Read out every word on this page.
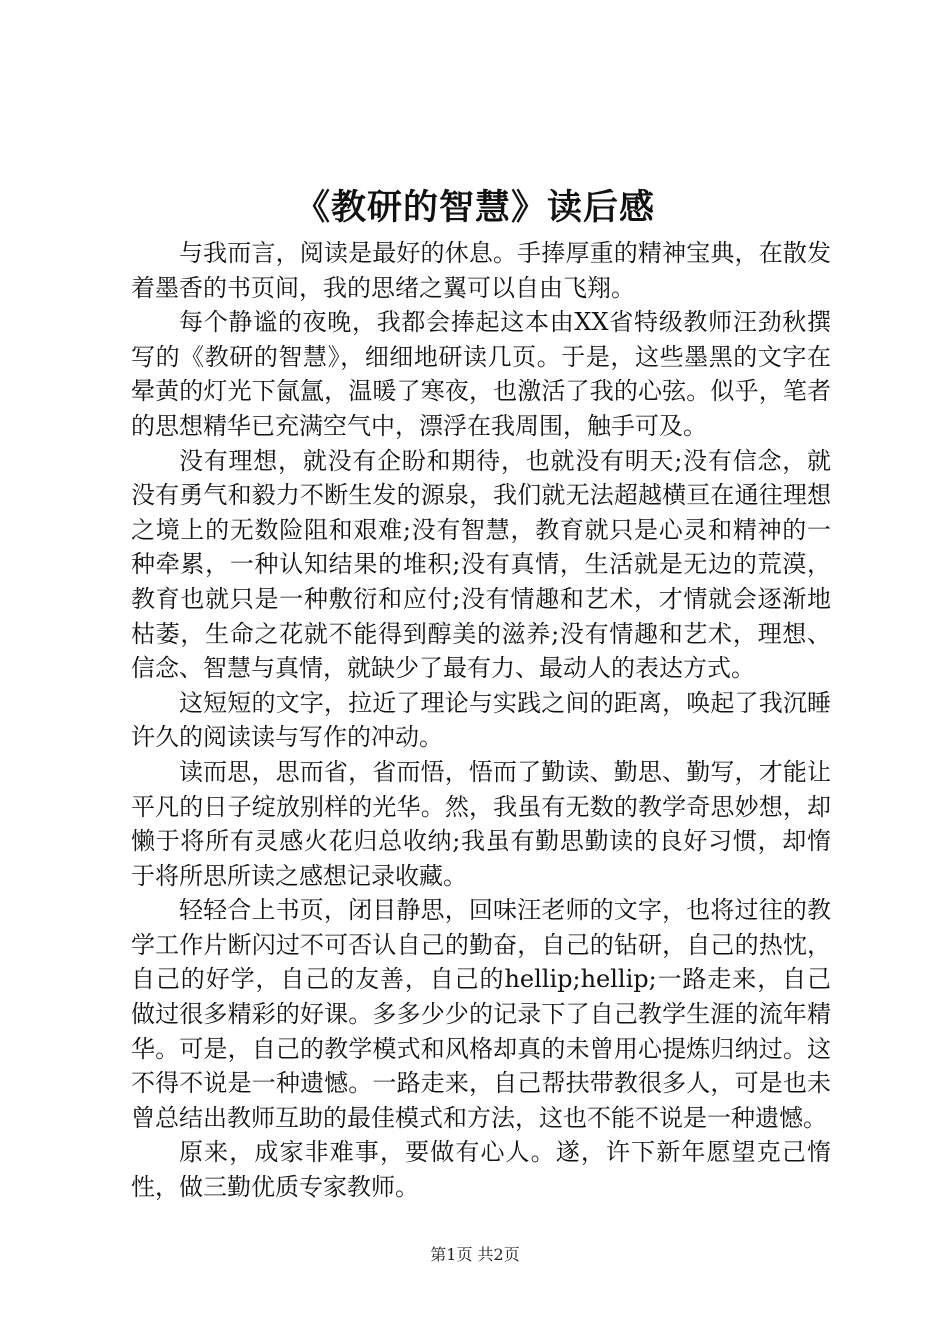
《教研的智慧》读后感

与我而言，阅读是最好的休息。手捧厚重的精神宝典，在散发着墨香的书页间，我的思绪之翼可以自由飞翔。

每个静谧的夜晚，我都会捧起这本由XX省特级教师汪劲秋撰写的《教研的智慧》，细细地研读几页。于是，这些墨黑的文字在晕黄的灯光下氤氲，温暖了寒夜，也激活了我的心弦。似乎，笔者的思想精华已充满空气中，漂浮在我周围，触手可及。

没有理想，就没有企盼和期待，也就没有明天;没有信念，就没有勇气和毅力不断生发的源泉，我们就无法超越横亘在通往理想之境上的无数险阻和艰难;没有智慧，教育就只是心灵和精神的一种牵累，一种认知结果的堆积;没有真情，生活就是无边的荒漠，教育也就只是一种敷衍和应付;没有情趣和艺术，才情就会逐渐地枯萎，生命之花就不能得到醇美的滋养;没有情趣和艺术，理想、信念、智慧与真情，就缺少了最有力、最动人的表达方式。

这短短的文字，拉近了理论与实践之间的距离，唤起了我沉睡许久的阅读读与写作的冲动。

读而思，思而省，省而悟，悟而了勤读、勤思、勤写，才能让平凡的日子绽放别样的光华。然，我虽有无数的教学奇思妙想，却懒于将所有灵感火花归总收纳;我虽有勤思勤读的良好习惯，却惰于将所思所读之感想记录收藏。

轻轻合上书页，闭目静思，回味汪老师的文字，也将过往的教学工作片断闪过不可否认自己的勤奋，自己的钻研，自己的热忱，自己的好学，自己的友善，自己的hellip;hellip;一路走来，自己做过很多精彩的好课。多多少少的记录下了自己教学生涯的流年精华。可是，自己的教学模式和风格却真的未曾用心提炼归纳过。这不得不说是一种遗憾。一路走来，自己帮扶带教很多人，可是也未曾总结出教师互助的最佳模式和方法，这也不能不说是一种遗憾。

原来，成家非难事，要做有心人。遂，许下新年愿望克己惰性，做三勤优质专家教师。

第1页 共2页
